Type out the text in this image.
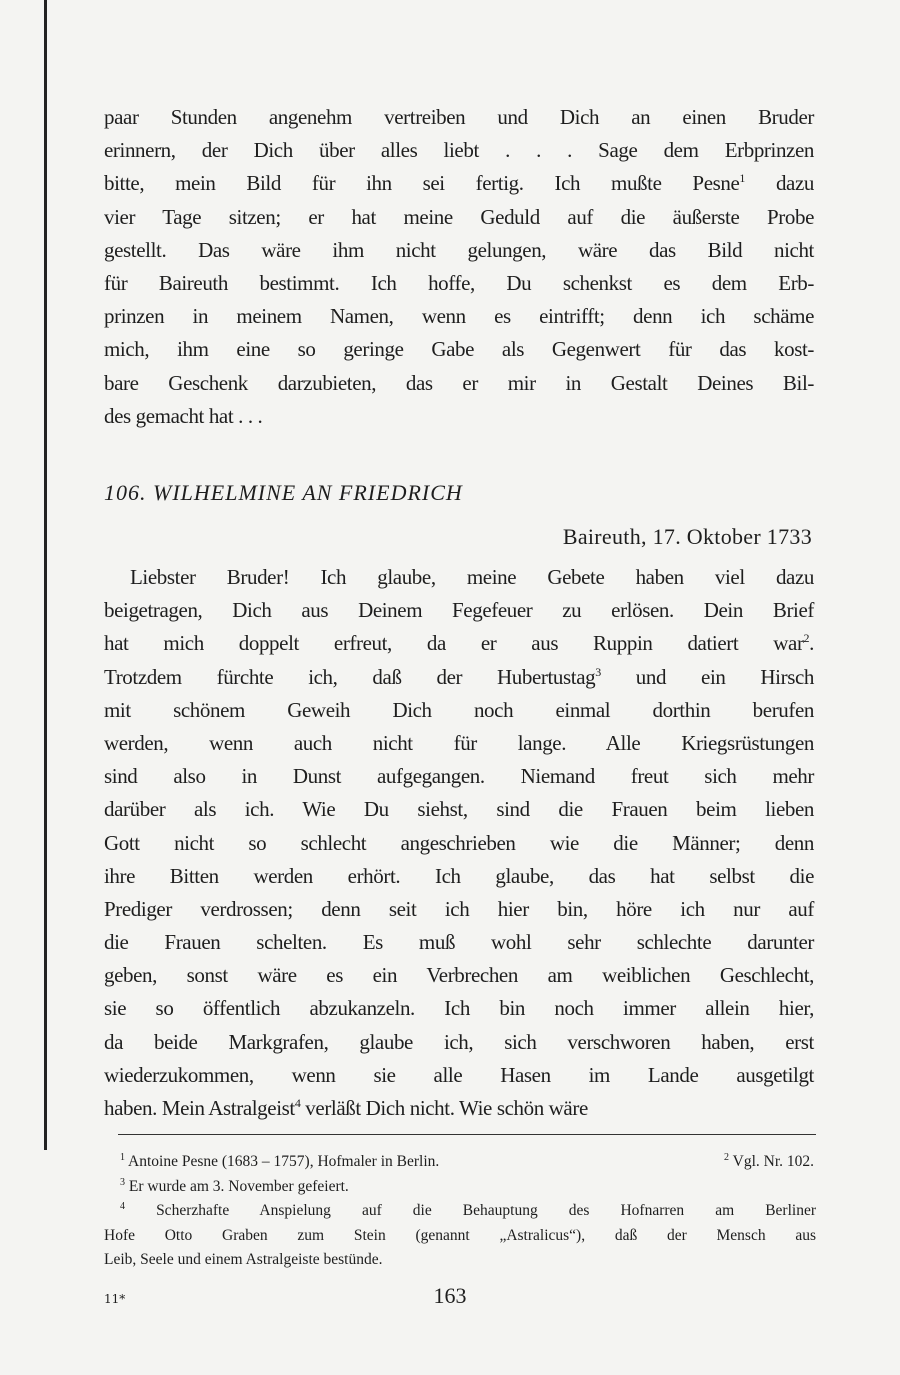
paar Stunden angenehm vertreiben und Dich an einen Bruder
erinnern, der Dich über alles liebt . . . Sage dem Erbprinzen
bitte, mein Bild für ihn sei fertig. Ich mußte Pesne$^1$ dazu
vier Tage sitzen; er hat meine Geduld auf die äußerste Probe
gestellt. Das wäre ihm nicht gelungen, wäre das Bild nicht
für Baireuth bestimmt. Ich hoffe, Du schenkst es dem Erb-
prinzen in meinem Namen, wenn es eintrifft; denn ich schäme
mich, ihm eine so geringe Gabe als Gegenwert für das kost-
bare Geschenk darzubieten, das er mir in Gestalt Deines Bil-
des gemacht hat . . .
106. WILHELMINE AN FRIEDRICH
Baireuth, 17. Oktober 1733
Liebster Bruder! Ich glaube, meine Gebete haben viel dazu
beigetragen, Dich aus Deinem Fegefeuer zu erlösen. Dein Brief
hat mich doppelt erfreut, da er aus Ruppin datiert war$^2$.
Trotzdem fürchte ich, daß der Hubertustag$^3$ und ein Hirsch
mit schönem Geweih Dich noch einmal dorthin berufen
werden, wenn auch nicht für lange. Alle Kriegsrüstungen
sind also in Dunst aufgegangen. Niemand freut sich mehr
darüber als ich. Wie Du siehst, sind die Frauen beim lieben
Gott nicht so schlecht angeschrieben wie die Männer; denn
ihre Bitten werden erhört. Ich glaube, das hat selbst die
Prediger verdrossen; denn seit ich hier bin, höre ich nur auf
die Frauen schelten. Es muß wohl sehr schlechte darunter
geben, sonst wäre es ein Verbrechen am weiblichen Geschlecht,
sie so öffentlich abzukanzeln. Ich bin noch immer allein hier,
da beide Markgrafen, glaube ich, sich verschworen haben, erst
wiederzukommen, wenn sie alle Hasen im Lande ausgetilgt
haben. Mein Astralgeist$^4$ verläßt Dich nicht. Wie schön wäre
$^1$ Antoine Pesne (1683 – 1757), Hofmaler in Berlin.	$^2$ Vgl. Nr. 102.
$^3$ Er wurde am 3. November gefeiert.
$^4$ Scherzhafte Anspielung auf die Behauptung des Hofnarren am Berliner
Hofe Otto Graben zum Stein (genannt „Astralicus“), daß der Mensch aus
Leib, Seele und einem Astralgeiste bestünde.
11*	163
